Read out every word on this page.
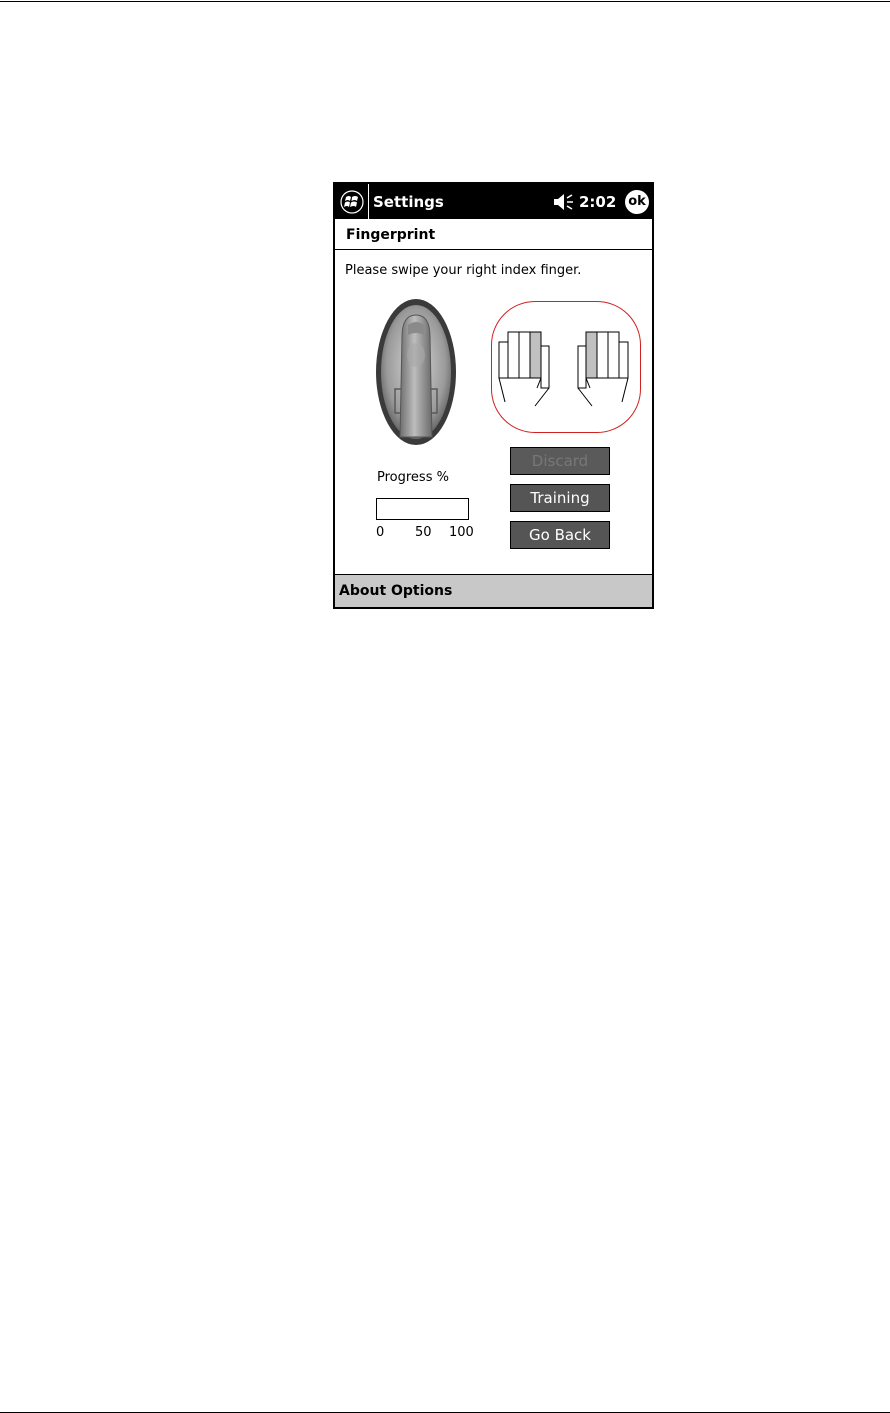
Settings	2:02 ok
Fingerprint
Please swipe your right index finger.
Progress %
0 50 100
Discard
Training
Go Back
About Options
